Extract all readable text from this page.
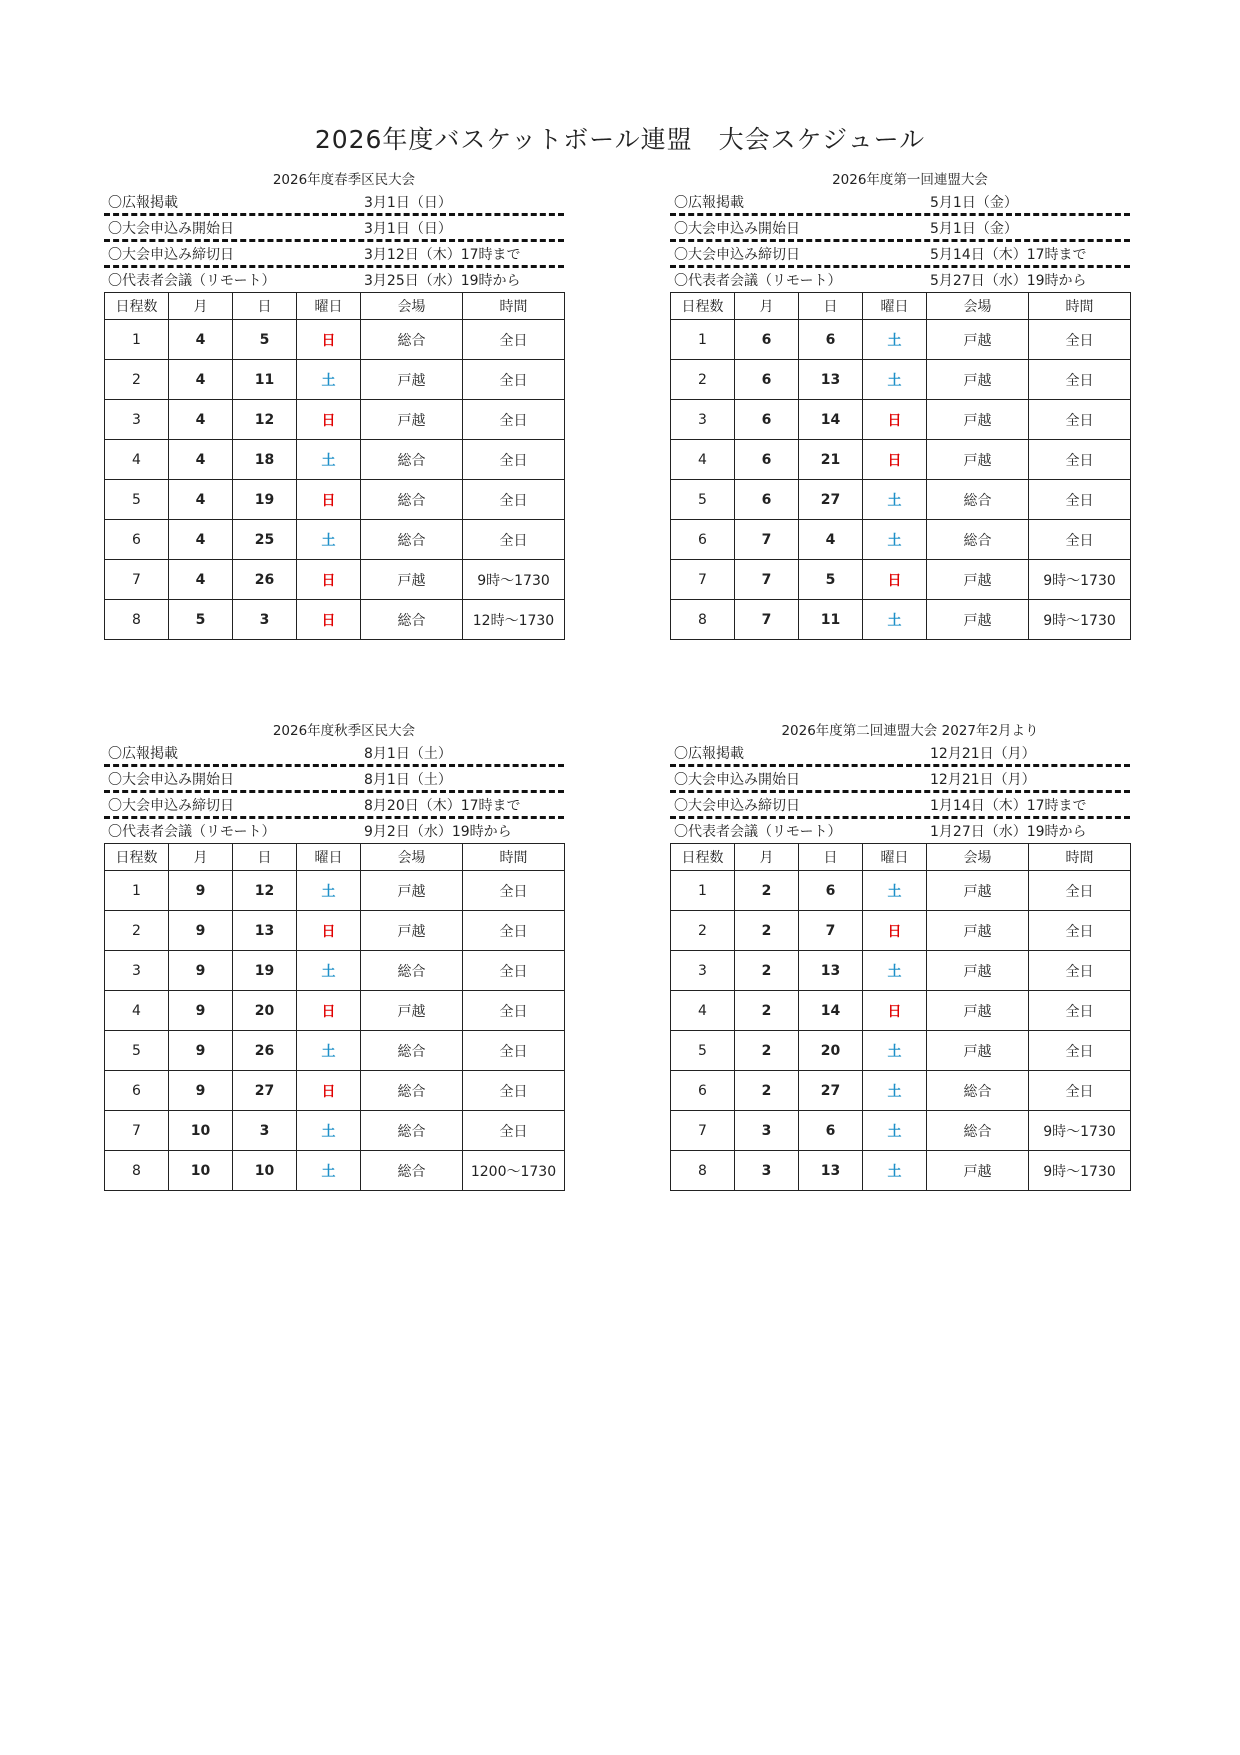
2026年度バスケットボール連盟　大会スケジュール
2026年度春季区民大会
〇広報掲載	3月1日（日）
〇大会申込み開始日	3月1日（日）
〇大会申込み締切日	3月12日（木）17時まで
〇代表者会議（リモート）	3月25日（水）19時から
日程数	月	日	曜日	会場	時間
1	4	5	日	総合	全日
2	4	11	土	戸越	全日
3	4	12	日	戸越	全日
4	4	18	土	総合	全日
5	4	19	日	総合	全日
6	4	25	土	総合	全日
7	4	26	日	戸越	9時～1730
8	5	3	日	総合	12時～1730
2026年度第一回連盟大会
〇広報掲載	5月1日（金）
〇大会申込み開始日	5月1日（金）
〇大会申込み締切日	5月14日（木）17時まで
〇代表者会議（リモート）	5月27日（水）19時から
日程数	月	日	曜日	会場	時間
1	6	6	土	戸越	全日
2	6	13	土	戸越	全日
3	6	14	日	戸越	全日
4	6	21	日	戸越	全日
5	6	27	土	総合	全日
6	7	4	土	総合	全日
7	7	5	日	戸越	9時～1730
8	7	11	土	戸越	9時～1730
2026年度秋季区民大会
〇広報掲載	8月1日（土）
〇大会申込み開始日	8月1日（土）
〇大会申込み締切日	8月20日（木）17時まで
〇代表者会議（リモート）	9月2日（水）19時から
日程数	月	日	曜日	会場	時間
1	9	12	土	戸越	全日
2	9	13	日	戸越	全日
3	9	19	土	総合	全日
4	9	20	日	戸越	全日
5	9	26	土	総合	全日
6	9	27	日	総合	全日
7	10	3	土	総合	全日
8	10	10	土	総合	1200～1730
2026年度第二回連盟大会 2027年2月より
〇広報掲載	12月21日（月）
〇大会申込み開始日	12月21日（月）
〇大会申込み締切日	1月14日（木）17時まで
〇代表者会議（リモート）	1月27日（水）19時から
日程数	月	日	曜日	会場	時間
1	2	6	土	戸越	全日
2	2	7	日	戸越	全日
3	2	13	土	戸越	全日
4	2	14	日	戸越	全日
5	2	20	土	戸越	全日
6	2	27	土	総合	全日
7	3	6	土	総合	9時～1730
8	3	13	土	戸越	9時～1730
